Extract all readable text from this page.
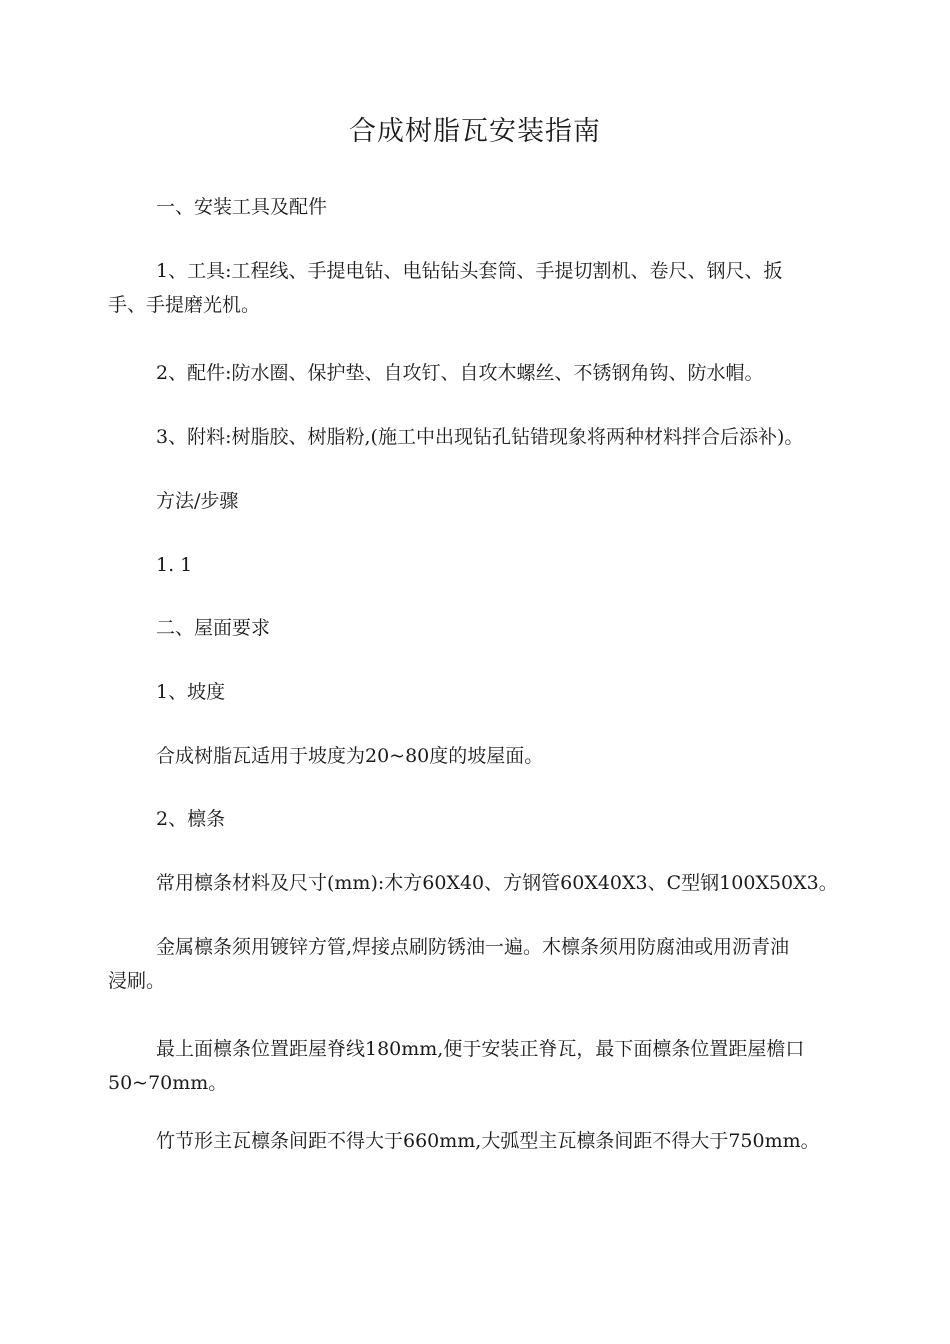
合成树脂瓦安装指南
一、安装工具及配件
1、工具:工程线、手提电钻、电钻钻头套筒、手提切割机、卷尺、钢尺、扳
手、手提磨光机。
2、配件:防水圈、保护垫、自攻钉、自攻木螺丝、不锈钢角钩、防水帽。
3、附料:树脂胶、树脂粉,(施工中出现钻孔钻错现象将两种材料拌合后添补)。
方法/步骤
1. 1
二、屋面要求
1、坡度
合成树脂瓦适用于坡度为20~80度的坡屋面。
2、檩条
常用檩条材料及尺寸(mm):木方60X40、方钢管60X40X3、C型钢100X50X3。
金属檩条须用镀锌方管,焊接点刷防锈油一遍。木檩条须用防腐油或用沥青油
浸刷。
最上面檩条位置距屋脊线180mm,便于安装正脊瓦，最下面檩条位置距屋檐口
50~70mm。
竹节形主瓦檩条间距不得大于660mm,大弧型主瓦檩条间距不得大于750mm。
